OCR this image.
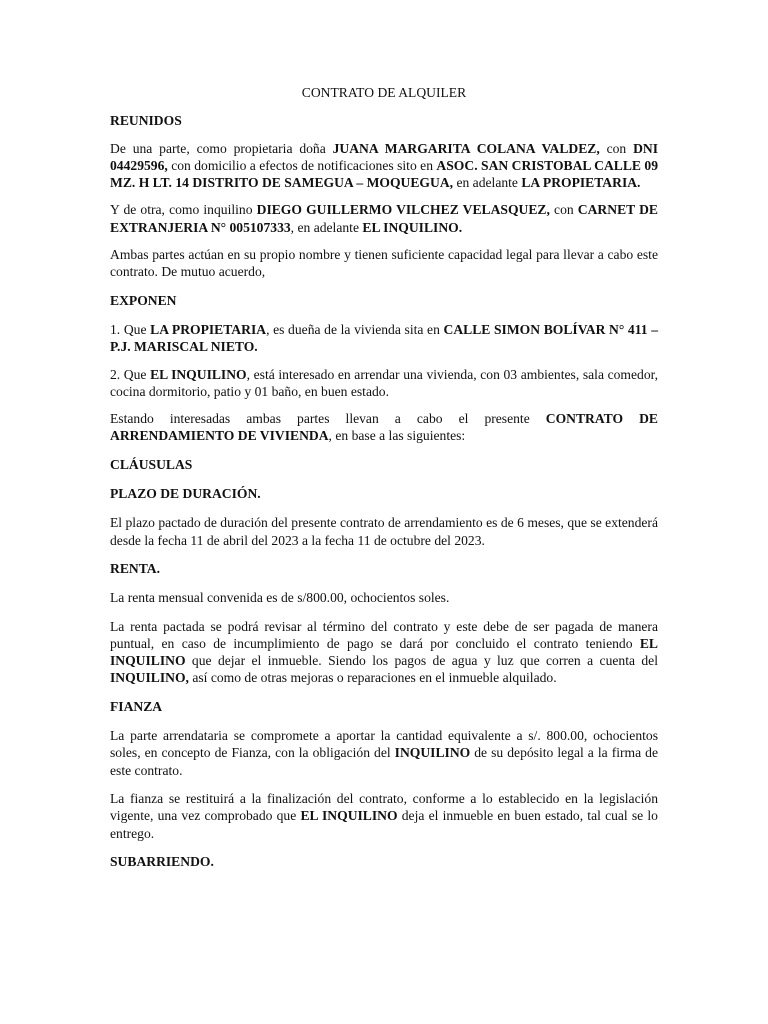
CONTRATO DE ALQUILER

REUNIDOS

De una parte, como propietaria doña JUANA MARGARITA COLANA VALDEZ, con DNI 04429596, con domicilio a efectos de notificaciones sito en ASOC. SAN CRISTOBAL CALLE 09 MZ. H LT. 14 DISTRITO DE SAMEGUA – MOQUEGUA, en adelante LA PROPIETARIA.

Y de otra, como inquilino DIEGO GUILLERMO VILCHEZ VELASQUEZ, con CARNET DE EXTRANJERIA N° 005107333, en adelante EL INQUILINO.

Ambas partes actúan en su propio nombre y tienen suficiente capacidad legal para llevar a cabo este contrato. De mutuo acuerdo,

EXPONEN

1. Que LA PROPIETARIA, es dueña de la vivienda sita en CALLE SIMON BOLÍVAR N° 411 – P.J. MARISCAL NIETO.

2. Que EL INQUILINO, está interesado en arrendar una vivienda, con 03 ambientes, sala comedor, cocina dormitorio, patio y 01 baño, en buen estado.

Estando interesadas ambas partes llevan a cabo el presente CONTRATO DE ARRENDAMIENTO DE VIVIENDA, en base a las siguientes:

CLÁUSULAS

PLAZO DE DURACIÓN.

El plazo pactado de duración del presente contrato de arrendamiento es de 6 meses, que se extenderá desde la fecha 11 de abril del 2023 a la fecha 11 de octubre del 2023.

RENTA.

La renta mensual convenida es de s/800.00, ochocientos soles.

La renta pactada se podrá revisar al término del contrato y este debe de ser pagada de manera puntual, en caso de incumplimiento de pago se dará por concluido el contrato teniendo EL INQUILINO que dejar el inmueble. Siendo los pagos de agua y luz que corren a cuenta del INQUILINO, así como de otras mejoras o reparaciones en el inmueble alquilado.

FIANZA

La parte arrendataria se compromete a aportar la cantidad equivalente a s/. 800.00, ochocientos soles, en concepto de Fianza, con la obligación del INQUILINO de su depósito legal a la firma de este contrato.

La fianza se restituirá a la finalización del contrato, conforme a lo establecido en la legislación vigente, una vez comprobado que EL INQUILINO deja el inmueble en buen estado, tal cual se lo entrego.

SUBARRIENDO.
